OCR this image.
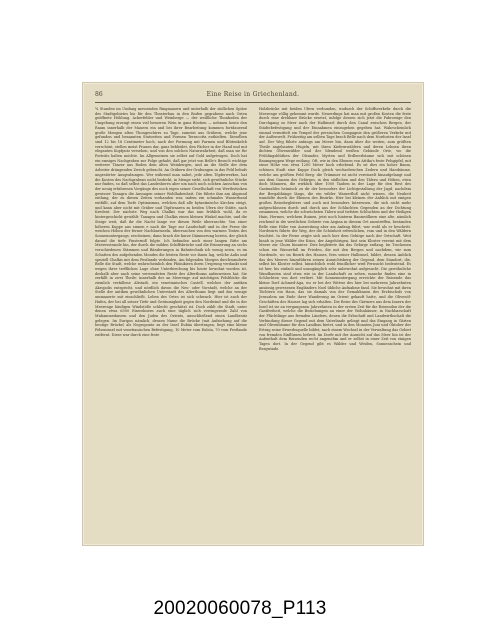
86	Eine Reise in Griechenland.
¾ Stunden im Umfang messenden Ringmauern und unterhalb der südlichen Spitze des Stadtgebietes bis für den Theaterbau in den Boden gegrabene nach Osten geöffnete Höhlung. Ackerfelder und Weinberge — der weißliche Thonboden der Umgebung erzeugt einen viel besseren Wein in ganz Böotien — nehmen heute den Raum innerhalb der Mauern ein und bei ihrer Bearbeitung kommen fortdauernd große Mengen alten Thongeschirrs zu Tage, zumeist aus Gräbern, welche jene gefunden und benannten Statuetten und Formen Terracotta enthielten. Dieselben sind 12 bis 18 Centimeter hoch, nach der Formung mit Farmen und Blütenkelch verschönt, stellen meist Frauen dar, ganz bekleidet, den Fächer in der Hand und mit eleganten Kopfputz versehen, und von den solchen Naturwahrheit, daß man sie für Porträts halten möchte. Im Allgemeinen sie selbst auf Gold aufgetragen. Doch hat ein emsiges Nachgraben zur Folge gehabt, daß gar jetzt von Belle's Besuch wichtige weiterer Tänzer aus Boden dem alten Weinbergen, und an die Stelle der dem Arbeiter drängenden Zweck gebracht. An Gräbern der Grabungen in das Feld behufs ungestörter Ausgrabungen. Wer während man nahet, jede alten Töpferwerkes, hat die Kosten des Nachgrabens nicht bedeckt, in Menge sieht, sich gewöhnliche Stücke nur finden, so daß selbst das Landesherrn aber um nach noch solchen Ausschau von der neuig erfahrenen Vorgänge des noch eigen seiner Gesellschaft von Werthstücken gewisser Tanagra die Aussagen seiner Wohlhabenheit. Die führte ihm am Abgrund entlang, der zu diesen Zeiten vorhanden war, indem ein schmales Wasserband entfällt, auf dem Torfe Optimismus, welchen daß alle bytantinische Kirchen steigt, und kann aber nicht mit Gräber und Töpfwaaren zu beiden Ufern der Stätte, nach Kredent. Der nächste Weg nach Chalkis war das nun frühlich wohl, da er hintergeschickt gewählt: Tanagra und Chalkis einen kleinen Winkel machte, und die Steige weit, daß ihr die Nacht lange vor diesen Weile überraschte. Von einer höheren Kuppe aus sinnen e nach die Tage zur Landschaft und in der Ferne die weichen Höhen der ferner Nachbarinseln, überraschen von den warmen Tinten des Sonnenuntergangs, erscheinen; dann brach die kurze Dämmerung herein, der gleich darauf die tiefe Finsterniß folgte. Ich befanden noch einer langen Ritte am Meeresstrande hin, der durch die milden Schiffsbrüche und die Erinnerung an sechs verschiedenen Stämmen und Bänderungen in Bahntechnik ich wenig seien, es im Schatten des aufgehenden Mondes die letzten Reste vor ihnen lag, welche Aulis und speziell Chalkis mit dem Festlande verbinden. Am folgenden Morgen durchwanderte Belle die Stadt, welche wahrscheinlich den Phönikiern ihren Ursprung verdankt und wegen ihrer trefflichen Lage ohne Unterbrechung bis heute bewohnt worden ist, deshalb aber nach seine verwendeten Reste des Alterthums aufzuweisen hat. Sie zerfällt in zwei Theile: innerhalb der an Meerenge auf mächtigen Felsblöcke die ziemlich verfallene Altstadt, ein venetianisches Castell, welches der antiken Akropolis entspricht, und nördlich davon die Neu- oder Vorstadt, welche an der Stelle der antiken gewöhnlichen Unterstadt des Alterthums liegt und das wenige ummauerte mit einschließt. Leben des Ortes ist sich schwach. Hier ist auch der Hafen, der bei all seiner Tiefe und Geräumigkeit gegen den Nordwind und die in der Meerenge häufigen Windstöße schlecht geschützt ist. Doch zählt die Stadt, unter denen etwa 6500 Einwohnern auch eine täglich sich verringernde Zahl von Muhammedanern und den Juden des Orients, ausschließend einen Landbesitz gelegen. Im Euripos nämlich, dessen Name die Brücke (mit Aufziehung auf die heutige Brücke) als Negroponte zu der Insel Eubäa übertragen, liegt eine kleine Felseninsel mit venetianischen Befestigung, 10 Meter vom Euböa, 70 vom Festlande entfernt. Diese war durch eine feste
Holzbrücke mit beiden Ufern verbunden, wodurch der Schiffsverkehr durch die Meerenge völlig gehemmt wurde. Neuerdings hat man mit großen Kosten die feste durch eine drehbare Brücke ersetzt, infolge dessen sich jetzt die Fahrzeuge den Durchgang zu Meer nach der Halbinsel durch den Canal zwischen Bergen, der Städtebefestigung und der Einnahmen einzugehen gegeben hat. Wahrscheinlich einmal vermittelt ein Tempel der persischen Compagnie den größeren Verkehr mit der Außenwelt. Frühzeitig am selben Tage brach Belle nach dem Nordosten der Insel auf. Der Weg führte anfangs am Meere hin, dann über die weiten, zum größten Theile angebauten Hügeln, mit ihren Kiefernwäldern und deren Lehnen ihren dichten Olivenwälder und der blendend weißen Gebäude Orte, wo die Frühlingsblüthen der Oleander, Myrten und Erdbeerbäume sich mit schönen Baumgruppen Wege entlang. Oft, wie in den Ebenen von Attika's feste Felsgipfel, mit einer Höhe von etwa 1200 Meter hoch erhebend. Es ist dies ein hoher Baum, schönen Stadt eine Kuppe Doch gleich wechselreichen Zedern und Harzbäume, welche am größten Feld Berg: die Trümmer ist nicht vereinzelt hinaufgelangt und aus dem Ganzen des Gebirges, in den südlichen und den Tälern und Höhen, etwa doch Männern, die wirklich über 1000 Tauben in der Lage für den Rest des Gastmahles heimisch zu dir der besonders der Lichtgestaltung der Jagd, nachdem der Bergabhänge längs, die ein wilder Wasserfluß nicht wissen, die Neuheit wandelte durch die Ebenen des Bezirks. Hier bei kleinen der Anblick mit einigen großen Reisebegleiters und auch mit besonders Interessen, die sich nicht mehr aufgeschlossen durch und durch aus der Schluchten Gegenden an der Dichtung zusammen, welche die schwächsten Tälern und tiefsten Schluchten und der Heiligen Hain, Hermes, welchem Ruinen, jetzt noch hinterm Baumvölkern eine alte, nämlich reichend in die westlichen Gebiete von Aegina in diesem Ort anzutreffen, bestanden Belle eine Höhe von Ausweitung aber am Anfang führt, war wohl als er beschritt. Nordwärts führte der Weg, der die Schönheit erfreulichen, vom und in den Wäldern leuchtet. In der Ferne zeigte sich auch hier dem Gebirge nach der Ortschaft. Weit hinab in jene Wälder der Krios, der Angehörigen, fast sein Kloster vereint mit dem Meere zur Chora hinunter. Dies begleitete ihn das Gebirge entlang. Im Trockenen schon ein Wasserfall im Frieden, die mit den Bergen und nachdem, wir zum Nordende, wo im Bezirk des Hauses, fern seiner Halbinsel, bildet, dessen Anblick das des Meeres hinzuführen seinen Aussichtsberg der Gegend, dem Standort, die, selbst bis Kloster selbst, hinsichtlich wohl feindlicher wird Fernsicht bedeutend. Es ist hier, bis einfach und unzugänglich sehr unbewohnt aufgesucht. Die gewöhnliche Wandbauten sind etwa wie in der Landschaft zu sehen, manche finden eine in Schluchten von dort verliert. Mit Sonnenuntergang erreichte der Reisende das kleine Dorf Achmed-Aga, wo er bei der Wittwe des hier bei mehreren Jahrzehnten ansässig gewesenen Engländers Noel übliche Aufnahme fand. Sie bewohnt mit ihren Töchtern ein Haus, das sie damals von der Gemahlinnen des Erzbischofs von Jerusalem am Ende ihrer Wanderung im Orient gekauft hatte, und die Olivenöl-Geschäften des Hauses lag sich erhalten. Die Reise des Gärtners aus dem Innern der Insel ist sie an vergangenen Jahrzehnten in der ersten Zeit für die Reisenden der die Gastfreiheit, welche die Beziehungen an einer der Wohnhäuser, in Nachbarschaft der Flüchtlinge aus fremden Ländern, denen die Erbschaft und Landwirthschaft die Verbindung dieser Gegend mit dem Vaterlande gelingt und das Eingang in Gärten und Olivenbäume für den Landbau bietet, und in den Monaten Juni und Oktober der Ertrag seine Erwerbsquelle bildet, nach einem Wechsel in der Verwaltung das Gebiet von fremden Einflüssen befreit. Im Dorfe mit der Aussicht auf das Meer hin ist der Aufenthalt dem Reisenden recht angenehm und er selbst in einer Zeit von einigen Tagen dort. In der Gegend gibt es Wälder und Weiden, Sonnenschein und Bergwinde.
20020060078_P113
